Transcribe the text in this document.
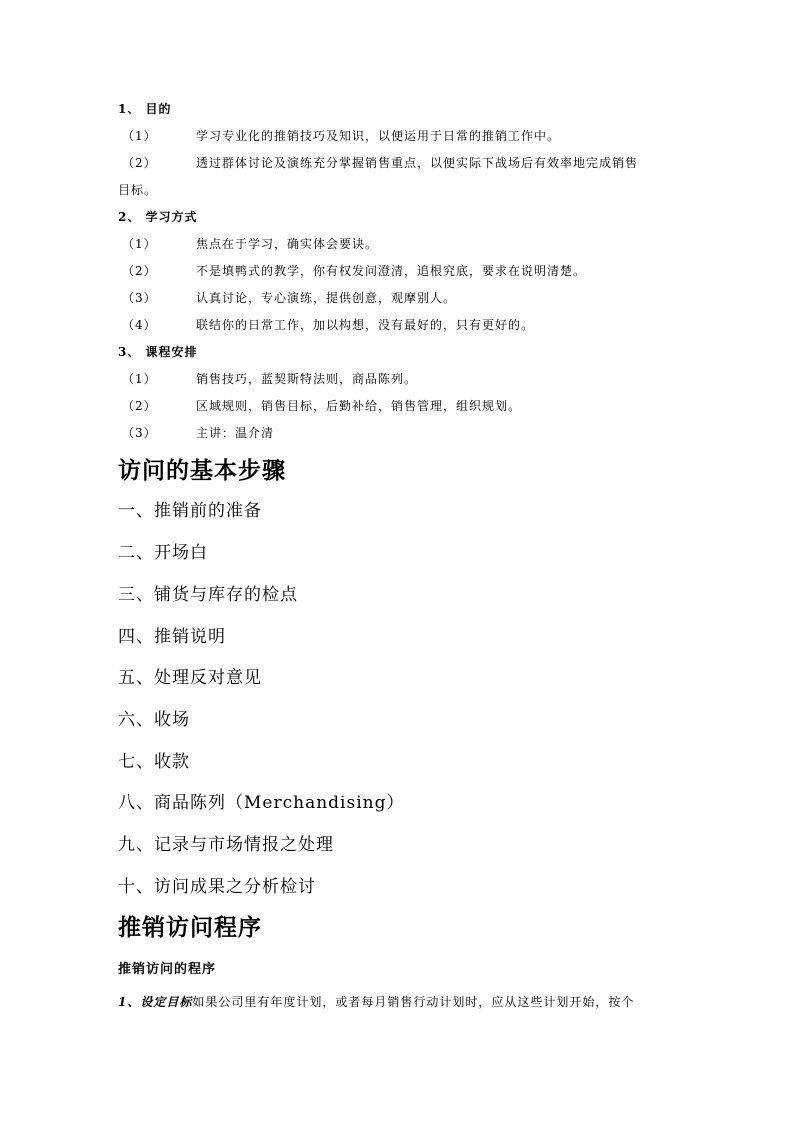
1、 目的
（1）	学习专业化的推销技巧及知识，以便运用于日常的推销工作中。
（2）	透过群体讨论及演练充分掌握销售重点，以便实际下战场后有效率地完成销售
目标。
2、 学习方式
（1）	焦点在于学习，确实体会要诀。
（2）	不是填鸭式的教学，你有权发问澄清，追根究底，要求在说明清楚。
（3）	认真讨论，专心演练，提供创意，观摩别人。
（4）	联结你的日常工作，加以构想，没有最好的，只有更好的。
3、 课程安排
（1）	销售技巧，蓝契斯特法则，商品陈列。
（2）	区域规则，销售目标，后勤补给，销售管理，组织规划。
（3）	主讲：温介清
访问的基本步骤
一、推销前的准备
二、开场白
三、铺货与库存的检点
四、推销说明
五、处理反对意见
六、收场
七、收款
八、商品陈列（Merchandising）
九、记录与市场情报之处理
十、访问成果之分析检讨
推销访问程序
推销访问的程序
1、设定目标如果公司里有年度计划，或者每月销售行动计划时，应从这些计划开始，按个
